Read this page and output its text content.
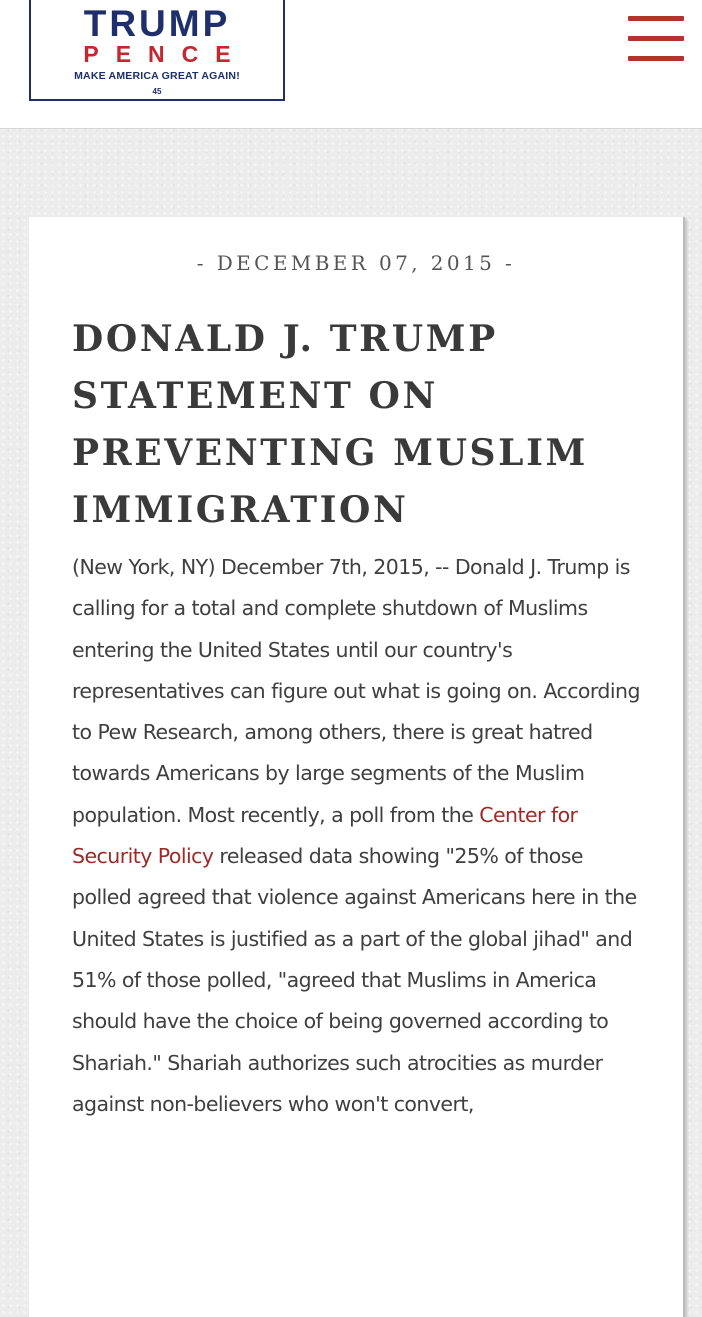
TRUMP
PENCE
MAKE AMERICA GREAT AGAIN!
45
- DECEMBER 07, 2015 -
DONALD J. TRUMP
STATEMENT ON
PREVENTING MUSLIM
IMMIGRATION

(New York, NY) December 7th, 2015, -- Donald J. Trump is calling for a total and complete shutdown of Muslims entering the United States until our country's representatives can figure out what is going on. According to Pew Research, among others, there is great hatred towards Americans by large segments of the Muslim population. Most recently, a poll from the Center for Security Policy released data showing "25% of those polled agreed that violence against Americans here in the United States is justified as a part of the global jihad" and 51% of those polled, "agreed that Muslims in America should have the choice of being governed according to Shariah." Shariah authorizes such atrocities as murder against non-believers who won't convert,
